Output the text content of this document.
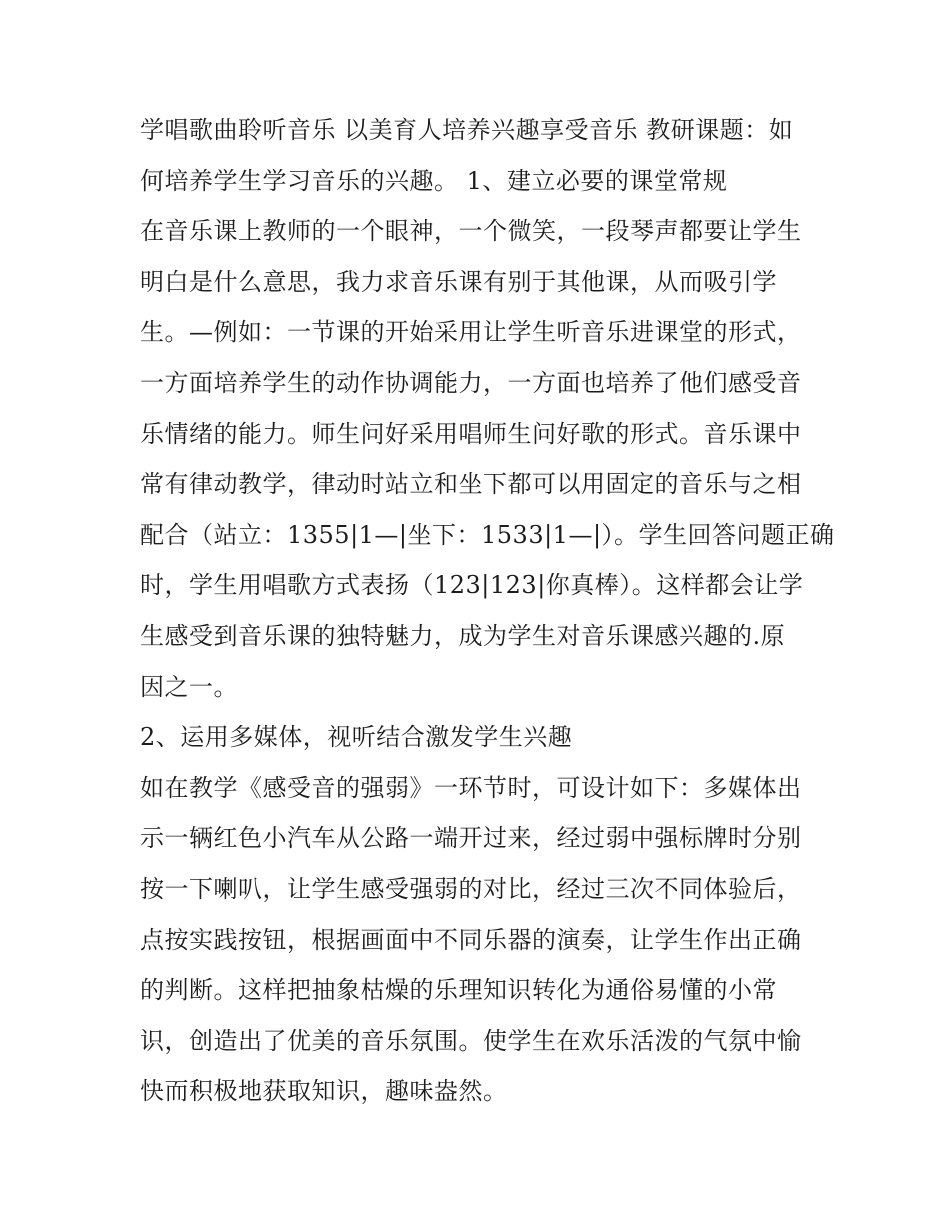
学唱歌曲聆听音乐 以美育人培养兴趣享受音乐 教研课题：如
何培养学生学习音乐的兴趣。 1、建立必要的课堂常规
在音乐课上教师的一个眼神，一个微笑，一段琴声都要让学生
明白是什么意思，我力求音乐课有别于其他课，从而吸引学
生。—例如：一节课的开始采用让学生听音乐进课堂的形式，
一方面培养学生的动作协调能力，一方面也培养了他们感受音
乐情绪的能力。师生问好采用唱师生问好歌的形式。音乐课中
常有律动教学，律动时站立和坐下都可以用固定的音乐与之相
配合（站立：1355|1—|坐下：1533|1—|）。学生回答问题正确
时，学生用唱歌方式表扬（123|123|你真棒）。这样都会让学
生感受到音乐课的独特魅力，成为学生对音乐课感兴趣的.原
因之一。
2、运用多媒体，视听结合激发学生兴趣
如在教学《感受音的强弱》一环节时，可设计如下：多媒体出
示一辆红色小汽车从公路一端开过来，经过弱中强标牌时分别
按一下喇叭，让学生感受强弱的对比，经过三次不同体验后，
点按实践按钮，根据画面中不同乐器的演奏，让学生作出正确
的判断。这样把抽象枯燥的乐理知识转化为通俗易懂的小常
识，创造出了优美的音乐氛围。使学生在欢乐活泼的气氛中愉
快而积极地获取知识，趣味盎然。
